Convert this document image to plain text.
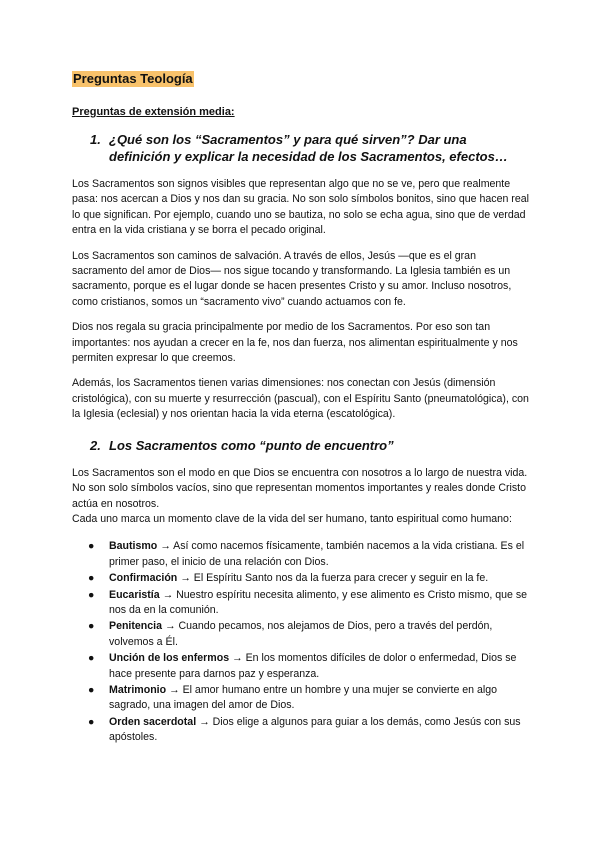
Preguntas Teología
Preguntas de extensión media:
1. ¿Qué son los “Sacramentos” y para qué sirven”? Dar una definición y explicar la necesidad de los Sacramentos, efectos…

Los Sacramentos son signos visibles que representan algo que no se ve, pero que realmente pasa: nos acercan a Dios y nos dan su gracia. No son solo símbolos bonitos, sino que hacen real lo que significan. Por ejemplo, cuando uno se bautiza, no solo se echa agua, sino que de verdad entra en la vida cristiana y se borra el pecado original.

Los Sacramentos son caminos de salvación. A través de ellos, Jesús —que es el gran sacramento del amor de Dios— nos sigue tocando y transformando. La Iglesia también es un sacramento, porque es el lugar donde se hacen presentes Cristo y su amor. Incluso nosotros, como cristianos, somos un “sacramento vivo” cuando actuamos con fe.

Dios nos regala su gracia principalmente por medio de los Sacramentos. Por eso son tan importantes: nos ayudan a crecer en la fe, nos dan fuerza, nos alimentan espiritualmente y nos permiten expresar lo que creemos.

Además, los Sacramentos tienen varias dimensiones: nos conectan con Jesús (dimensión cristológica), con su muerte y resurrección (pascual), con el Espíritu Santo (pneumatológica), con la Iglesia (eclesial) y nos orientan hacia la vida eterna (escatológica).

2. Los Sacramentos como “punto de encuentro”

Los Sacramentos son el modo en que Dios se encuentra con nosotros a lo largo de nuestra vida. No son solo símbolos vacíos, sino que representan momentos importantes y reales donde Cristo actúa en nosotros.

Cada uno marca un momento clave de la vida del ser humano, tanto espiritual como humano:

● Bautismo → Así como nacemos físicamente, también nacemos a la vida cristiana. Es el primer paso, el inicio de una relación con Dios.
● Confirmación → El Espíritu Santo nos da la fuerza para crecer y seguir en la fe.
● Eucaristía → Nuestro espíritu necesita alimento, y ese alimento es Cristo mismo, que se nos da en la comunión.
● Penitencia → Cuando pecamos, nos alejamos de Dios, pero a través del perdón, volvemos a Él.
● Unción de los enfermos → En los momentos difíciles de dolor o enfermedad, Dios se hace presente para darnos paz y esperanza.
● Matrimonio → El amor humano entre un hombre y una mujer se convierte en algo sagrado, una imagen del amor de Dios.
● Orden sacerdotal → Dios elige a algunos para guiar a los demás, como Jesús con sus apóstoles.
